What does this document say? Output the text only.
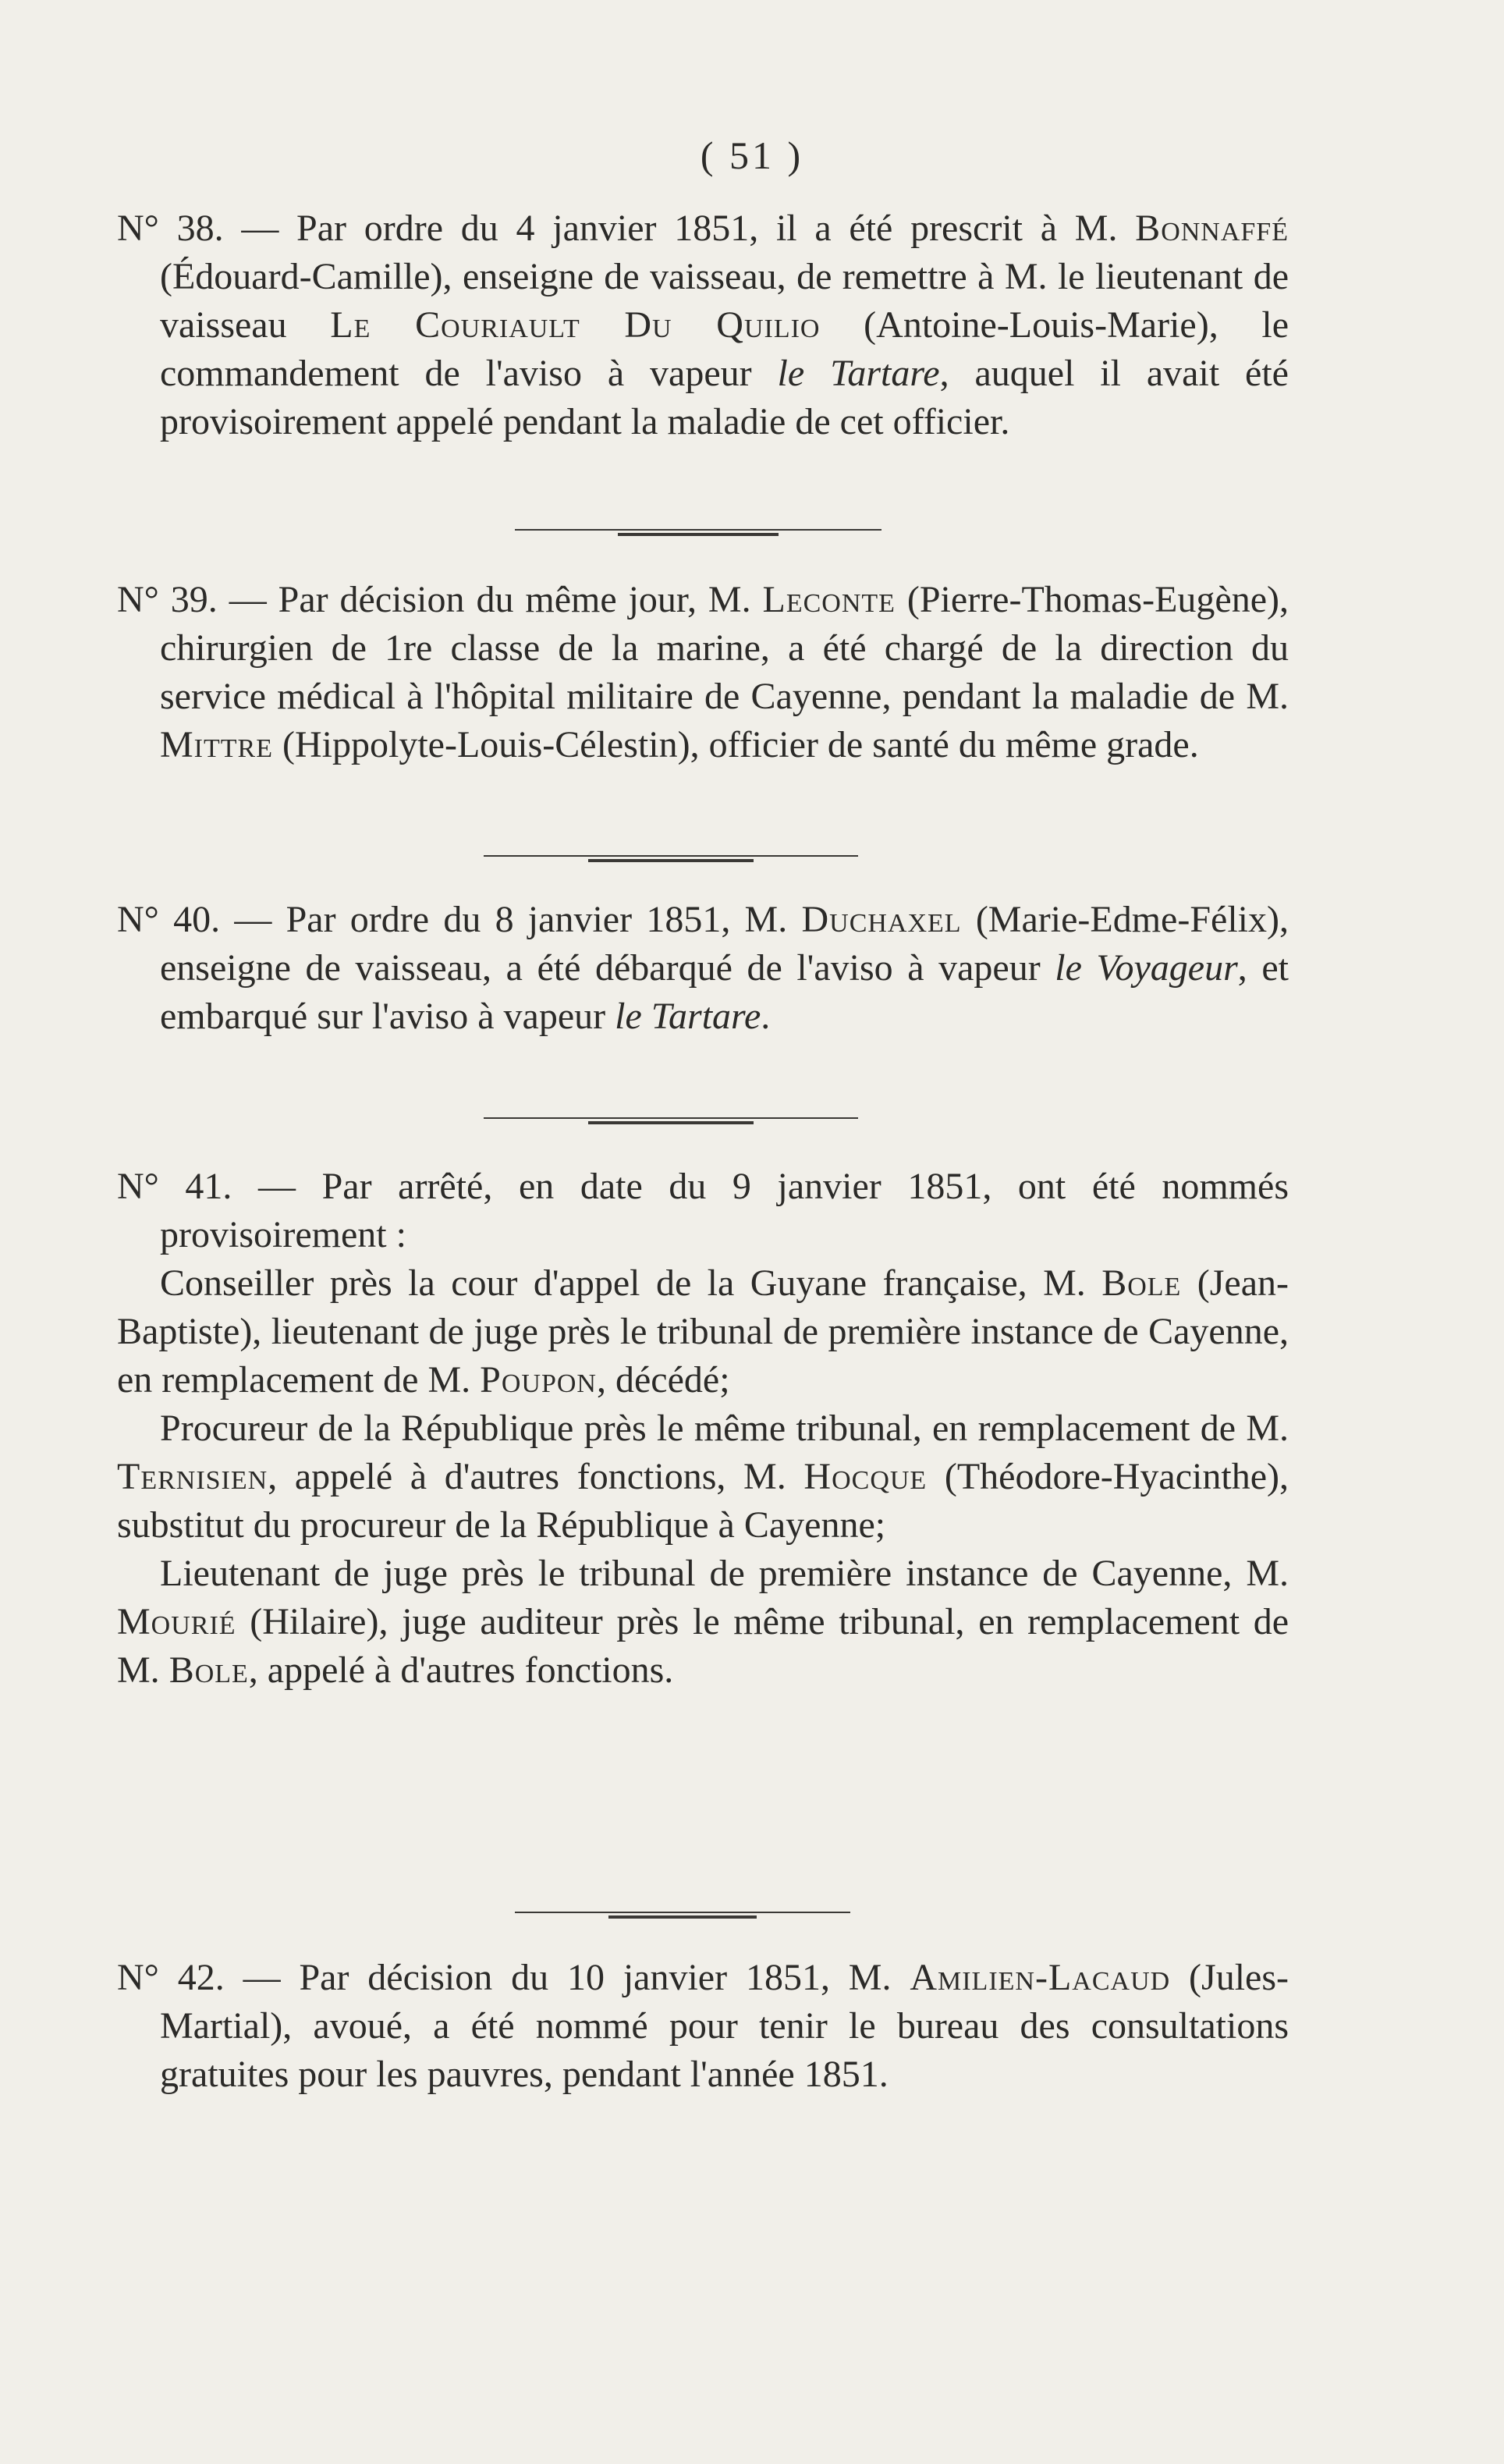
( 51 )

N° 38. — Par ordre du 4 janvier 1851, il a été prescrit à M. Bonnaffé (Édouard-Camille), enseigne de vaisseau, de remettre à M. le lieutenant de vaisseau Le Couriault Du Quilio (Antoine-Louis-Marie), le commandement de l'aviso à vapeur le Tartare, auquel il avait été provisoirement appelé pendant la maladie de cet officier.

N° 39. — Par décision du même jour, M. Leconte (Pierre-Thomas-Eugène), chirurgien de 1re classe de la marine, a été chargé de la direction du service médical à l'hôpital militaire de Cayenne, pendant la maladie de M. Mittre (Hippolyte-Louis-Célestin), officier de santé du même grade.

N° 40. — Par ordre du 8 janvier 1851, M. Duchaxel (Marie-Edme-Félix), enseigne de vaisseau, a été débarqué de l'aviso à vapeur le Voyageur, et embarqué sur l'aviso à vapeur le Tartare.

N° 41. — Par arrêté, en date du 9 janvier 1851, ont été nommés provisoirement :

Conseiller près la cour d'appel de la Guyane française, M. Bole (Jean-Baptiste), lieutenant de juge près le tribunal de première instance de Cayenne, en remplacement de M. Poupon, décédé;

Procureur de la République près le même tribunal, en remplacement de M. Ternisien, appelé à d'autres fonctions, M. Hocque (Théodore-Hyacinthe), substitut du procureur de la République à Cayenne;

Lieutenant de juge près le tribunal de première instance de Cayenne, M. Mourié (Hilaire), juge auditeur près le même tribunal, en remplacement de M. Bole, appelé à d'autres fonctions.

N° 42. — Par décision du 10 janvier 1851, M. Amilien-Lacaud (Jules-Martial), avoué, a été nommé pour tenir le bureau des consultations gratuites pour les pauvres, pendant l'année 1851.
